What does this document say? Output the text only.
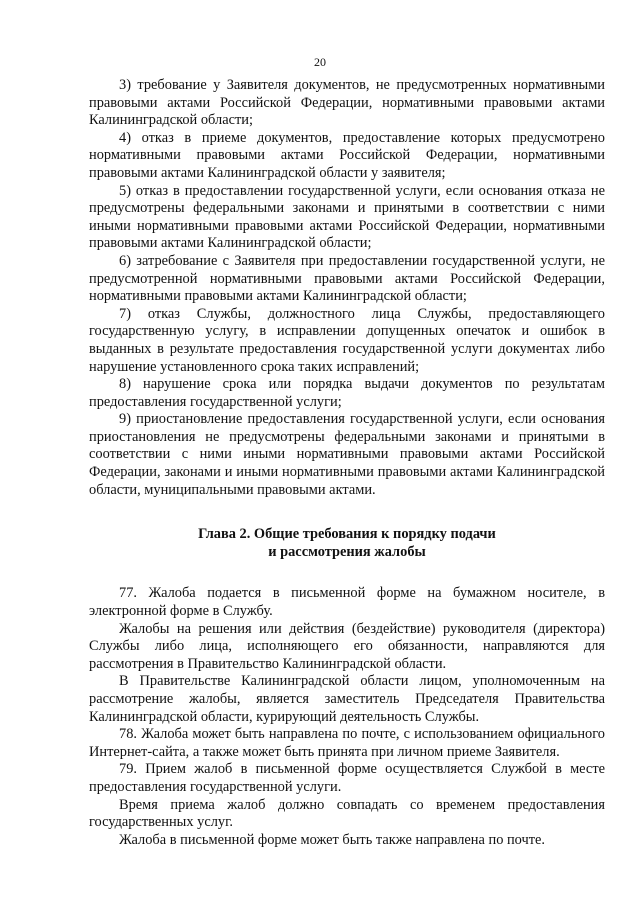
20

3) требование у Заявителя документов, не предусмотренных нормативными правовыми актами Российской Федерации, нормативными правовыми актами Калининградской области;

4) отказ в приеме документов, предоставление которых предусмотрено нормативными правовыми актами Российской Федерации, нормативными правовыми актами Калининградской области у заявителя;

5) отказ в предоставлении государственной услуги, если основания отказа не предусмотрены федеральными законами и принятыми в соответствии с ними иными нормативными правовыми актами Российской Федерации, нормативными правовыми актами Калининградской области;

6) затребование с Заявителя при предоставлении государственной услуги, не предусмотренной нормативными правовыми актами Российской Федерации, нормативными правовыми актами Калининградской области;

7) отказ Службы, должностного лица Службы, предоставляющего государственную услугу, в исправлении допущенных опечаток и ошибок в выданных в результате предоставления государственной услуги документах либо нарушение установленного срока таких исправлений;

8) нарушение срока или порядка выдачи документов по результатам предоставления государственной услуги;

9) приостановление предоставления государственной услуги, если основания приостановления не предусмотрены федеральными законами и принятыми в соответствии с ними иными нормативными правовыми актами Российской Федерации, законами и иными нормативными правовыми актами Калининградской области, муниципальными правовыми актами.

Глава 2. Общие требования к порядку подачи
и рассмотрения жалобы

77. Жалоба подается в письменной форме на бумажном носителе, в электронной форме в Службу.

Жалобы на решения или действия (бездействие) руководителя (директора) Службы либо лица, исполняющего его обязанности, направляются для рассмотрения в Правительство Калининградской области.

В Правительстве Калининградской области лицом, уполномоченным на рассмотрение жалобы, является заместитель Председателя Правительства Калининградской области, курирующий деятельность Службы.

78. Жалоба может быть направлена по почте, с использованием официального Интернет-сайта, а также может быть принята при личном приеме Заявителя.

79. Прием жалоб в письменной форме осуществляется Службой в месте предоставления государственной услуги.

Время приема жалоб должно совпадать со временем предоставления государственных услуг.

Жалоба в письменной форме может быть также направлена по почте.
